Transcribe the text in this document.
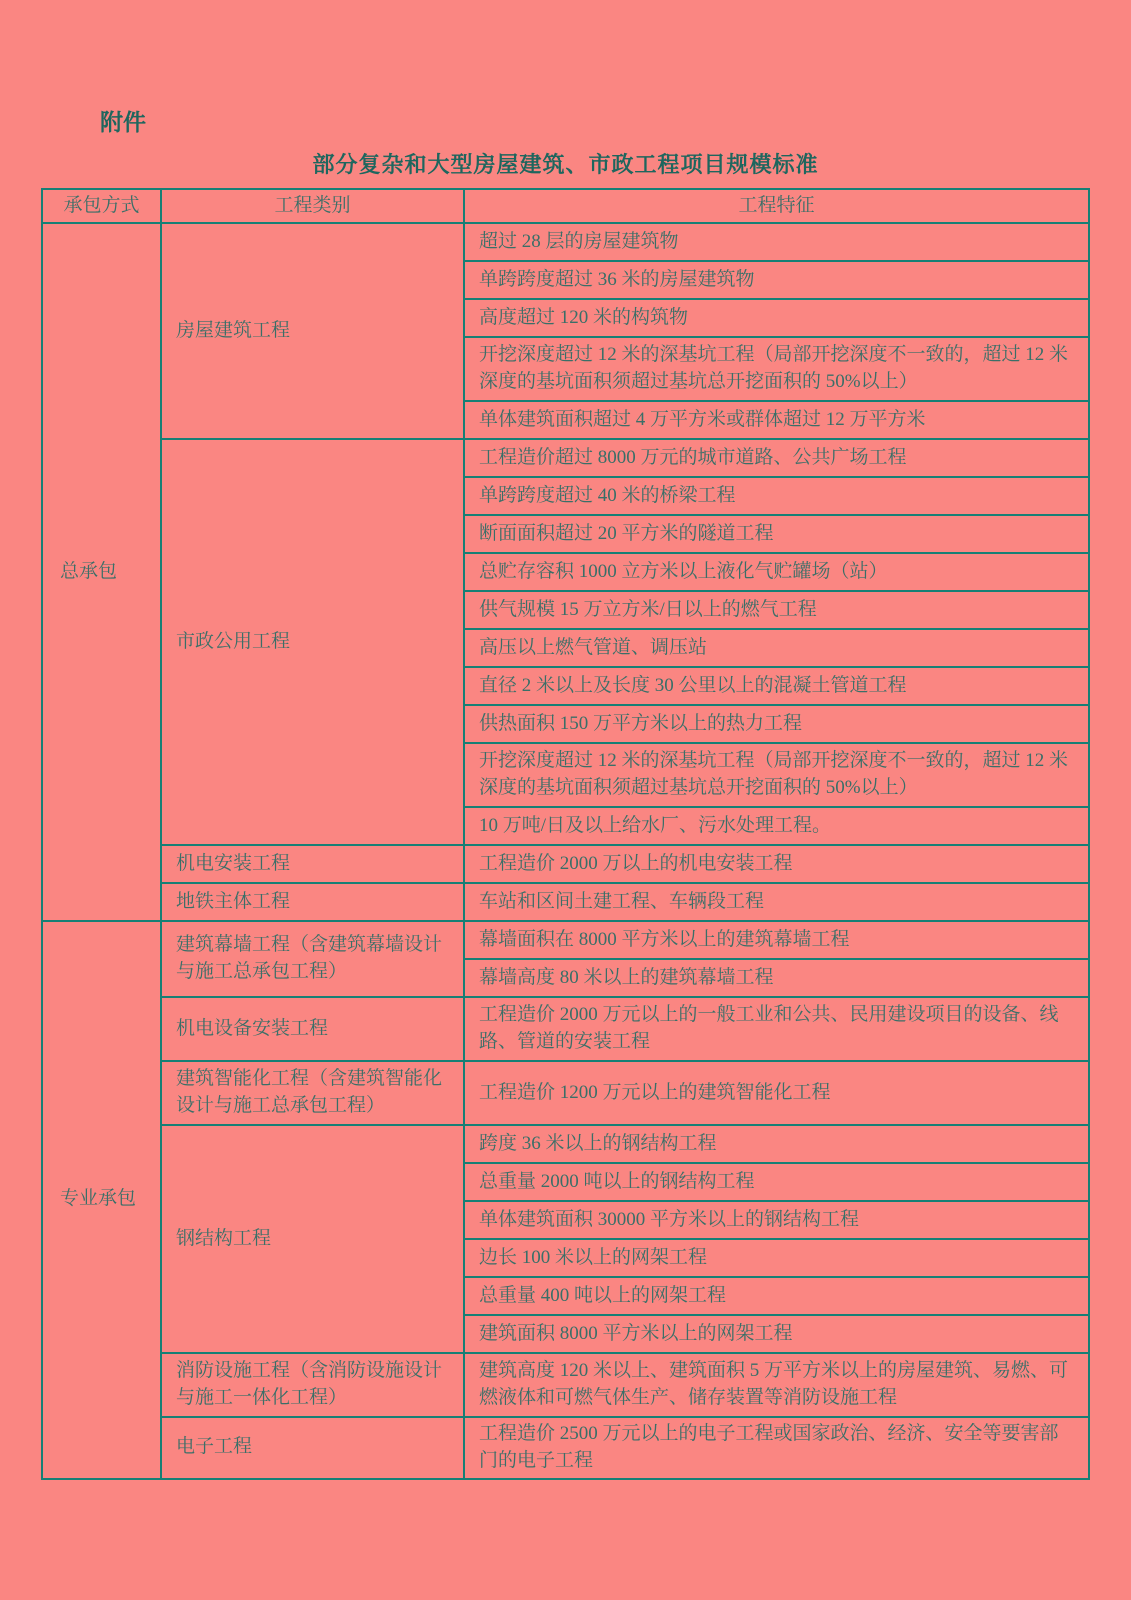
附件
部分复杂和大型房屋建筑、市政工程项目规模标准
承包方式	工程类别	工程特征
总承包	房屋建筑工程	超过 28 层的房屋建筑物
		单跨跨度超过 36 米的房屋建筑物
		高度超过 120 米的构筑物
		开挖深度超过 12 米的深基坑工程（局部开挖深度不一致的，超过 12 米深度的基坑面积须超过基坑总开挖面积的 50%以上）
		单体建筑面积超过 4 万平方米或群体超过 12 万平方米
	市政公用工程	工程造价超过 8000 万元的城市道路、公共广场工程
		单跨跨度超过 40 米的桥梁工程
		断面面积超过 20 平方米的隧道工程
		总贮存容积 1000 立方米以上液化气贮罐场（站）
		供气规模 15 万立方米/日以上的燃气工程
		高压以上燃气管道、调压站
		直径 2 米以上及长度 30 公里以上的混凝土管道工程
		供热面积 150 万平方米以上的热力工程
		开挖深度超过 12 米的深基坑工程（局部开挖深度不一致的，超过 12 米深度的基坑面积须超过基坑总开挖面积的 50%以上）
		10 万吨/日及以上给水厂、污水处理工程。
	机电安装工程	工程造价 2000 万以上的机电安装工程
	地铁主体工程	车站和区间土建工程、车辆段工程
专业承包	建筑幕墙工程（含建筑幕墙设计与施工总承包工程）	幕墙面积在 8000 平方米以上的建筑幕墙工程
		幕墙高度 80 米以上的建筑幕墙工程
	机电设备安装工程	工程造价 2000 万元以上的一般工业和公共、民用建设项目的设备、线路、管道的安装工程
	建筑智能化工程（含建筑智能化设计与施工总承包工程）	工程造价 1200 万元以上的建筑智能化工程
	钢结构工程	跨度 36 米以上的钢结构工程
		总重量 2000 吨以上的钢结构工程
		单体建筑面积 30000 平方米以上的钢结构工程
		边长 100 米以上的网架工程
		总重量 400 吨以上的网架工程
		建筑面积 8000 平方米以上的网架工程
	消防设施工程（含消防设施设计与施工一体化工程）	建筑高度 120 米以上、建筑面积 5 万平方米以上的房屋建筑、易燃、可燃液体和可燃气体生产、储存装置等消防设施工程
	电子工程	工程造价 2500 万元以上的电子工程或国家政治、经济、安全等要害部门的电子工程
